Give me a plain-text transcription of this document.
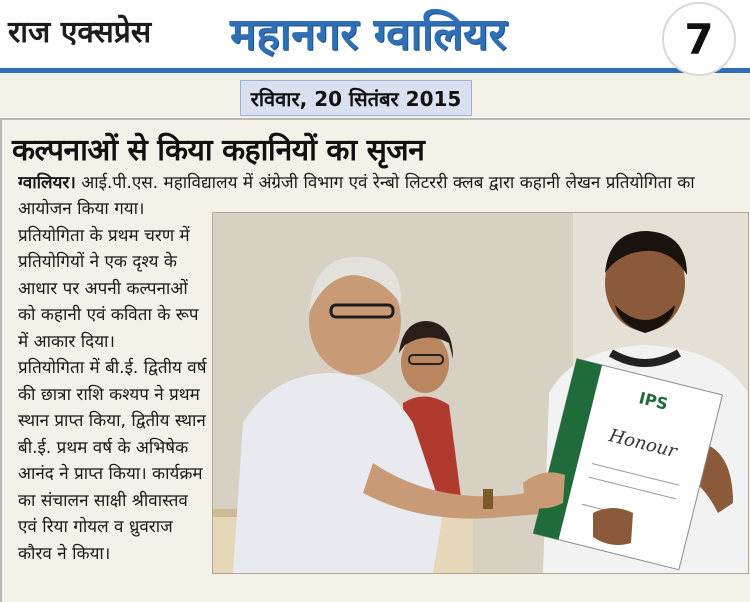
राज एक्सप्रेस महानगर ग्वालियर	7
रविवार, 20 सितंबर 2015
कल्पनाओं से किया कहानियों का सृजन
ग्वालियर। आई.पी.एस. महाविद्यालय में अंग्रेजी विभाग एवं रेन्बो लिटररी क्लब द्वारा कहानी लेखन प्रतियोगिता का

आयोजन किया गया।

प्रतियोगिता के प्रथम चरण में प्रतियोगियों ने एक दृश्य के आधार पर अपनी कल्पनाओं को कहानी एवं कविता के रूप में आकार दिया।

प्रतियोगिता में बी.ई. द्वितीय वर्ष की छात्रा राशि कश्यप ने प्रथम स्थान प्राप्त किया, द्वितीय स्थान बी.ई. प्रथम वर्ष के अभिषेक आनंद ने प्राप्त किया। कार्यक्रम का संचालन साक्षी श्रीवास्तव एवं रिया गोयल व ध्रुवराज कौरव ने किया।

IPS
Honour
